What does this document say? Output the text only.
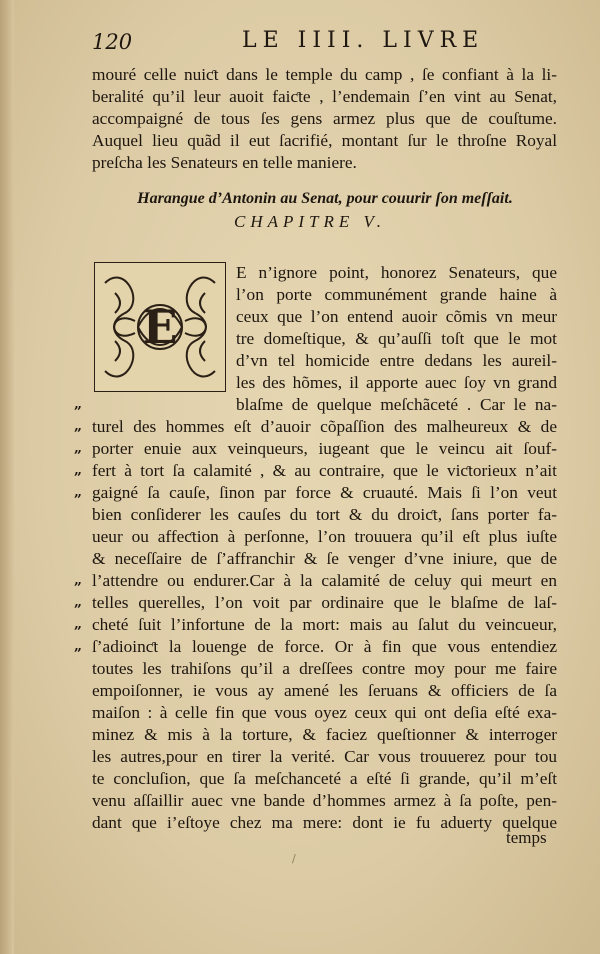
120	LE IIII. LIVRE
mouré celle nuiƈt dans le temple du camp , ſe confiant à la li-
beralité qu’il leur auoit faiƈte , l’endemain ſ’en vint au Senat,
accompaigné de tous ſes gens armez plus que de couſtume.
Auquel lieu quãd il eut ſacrifié, montant ſur le throſne Royal
preſcha les Senateurs en telle maniere.
Harangue d’Antonin au Senat, pour couurir ſon meſſait.
CHAPITRE V.
E
E n’ignore point, honorez Senateurs, que
l’on porte communément grande haine à
ceux que l’on entend auoir cõmis vn meur
tre domeſtique, & qu’auſſi toſt que le mot
d’vn tel homicide entre dedans les aureil-
les des hõmes, il apporte auec ſoy vn grand
blaſme de quelque meſchãceté . Car le na-
turel des hommes eſt d’auoir cõpaſſion des malheureux & de
porter enuie aux veinqueurs, iugeant que le veincu ait ſouf-
fert à tort ſa calamité , & au contraire, que le viƈtorieux n’ait
gaigné ſa cauſe, ſinon par force & cruauté. Mais ſi l’on veut
bien conſiderer les cauſes du tort & du droiƈt, ſans porter fa-
ueur ou affeƈtion à perſonne, l’on trouuera qu’il eſt plus iuſte
& neceſſaire de ſ’affranchir & ſe venger d’vne iniure, que de
l’attendre ou endurer.Car à la calamité de celuy qui meurt en
telles querelles, l’on voit par ordinaire que le blaſme de laſ-
cheté ſuit l’infortune de la mort: mais au ſalut du veincueur,
ſ’adioinƈt la louenge de force. Or à fin que vous entendiez
toutes les trahiſons qu’il a dreſſees contre moy pour me faire
empoiſonner, ie vous ay amené les ſeruans & officiers de ſa
maiſon : à celle fin que vous oyez ceux qui ont deſia eſté exa-
minez & mis à la torture, & faciez queſtionner & interroger
les autres,pour en tirer la verité. Car vous trouuerez pour tou
te concluſion, que ſa meſchanceté a eſté ſi grande, qu’il m’eſt
venu aſſaillir auec vne bande d’hommes armez à ſa poſte, pen-
dant que i’eſtoye chez ma mere: dont ie fu aduerty quelque
„
„
„
„
„
„
„
„
„
temps
/
